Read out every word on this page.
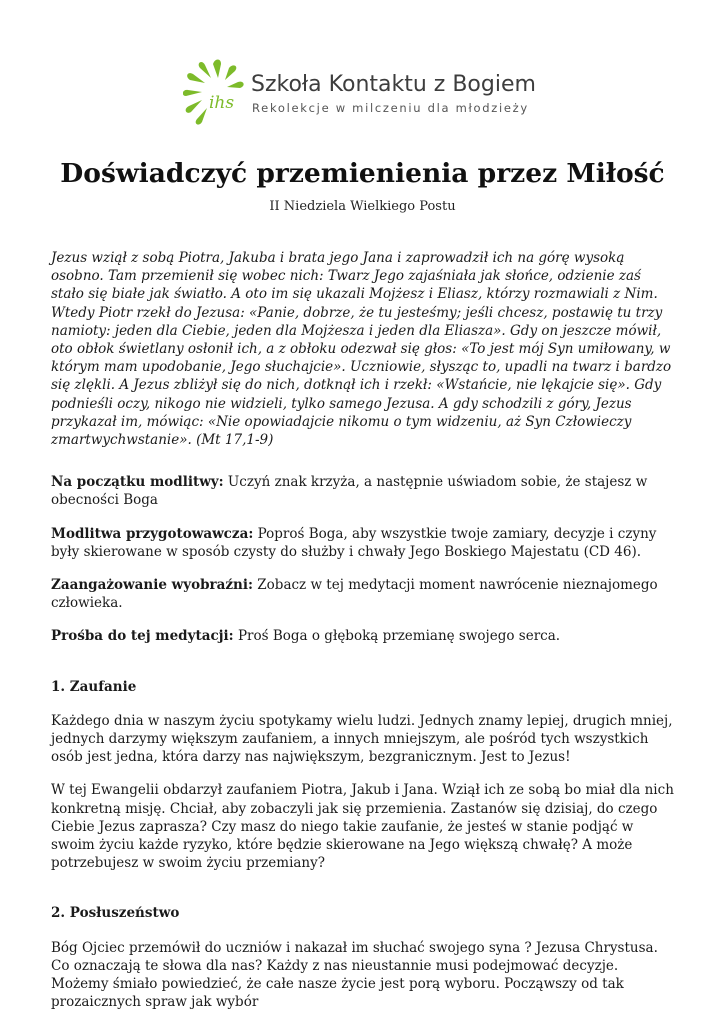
ihs
Szkoła Kontaktu z Bogiem
Rekolekcje w milczeniu dla młodzieży
Doświadczyć przemienienia przez Miłość
II Niedziela Wielkiego Postu

Jezus wziął z sobą Piotra, Jakuba i brata jego Jana i zaprowadził ich na górę wysoką osobno. Tam przemienił się wobec nich: Twarz Jego zajaśniała jak słońce, odzienie zaś stało się białe jak światło. A oto im się ukazali Mojżesz i Eliasz, którzy rozmawiali z Nim. Wtedy Piotr rzekł do Jezusa: «Panie, dobrze, że tu jesteśmy; jeśli chcesz, postawię tu trzy namioty: jeden dla Ciebie, jeden dla Mojżesza i jeden dla Eliasza». Gdy on jeszcze mówił, oto obłok świetlany osłonił ich, a z obłoku odezwał się głos: «To jest mój Syn umiłowany, w którym mam upodobanie, Jego słuchajcie». Uczniowie, słysząc to, upadli na twarz i bardzo się zlękli. A Jezus zbliżył się do nich, dotknął ich i rzekł: «Wstańcie, nie lękajcie się». Gdy podnieśli oczy, nikogo nie widzieli, tylko samego Jezusa. A gdy schodzili z góry, Jezus przykazał im, mówiąc: «Nie opowiadajcie nikomu o tym widzeniu, aż Syn Człowieczy zmartwychwstanie». (Mt 17,1-9)

Na początku modlitwy: Uczyń znak krzyża, a następnie uświadom sobie, że stajesz w obecności Boga

Modlitwa przygotowawcza: Poproś Boga, aby wszystkie twoje zamiary, decyzje i czyny były skierowane w sposób czysty do służby i chwały Jego Boskiego Majestatu (CD 46).

Zaangażowanie wyobraźni: Zobacz w tej medytacji moment nawrócenie nieznajomego człowieka.

Prośba do tej medytacji: Proś Boga o głęboką przemianę swojego serca.

1. Zaufanie

Każdego dnia w naszym życiu spotykamy wielu ludzi. Jednych znamy lepiej, drugich mniej, jednych darzymy większym zaufaniem, a innych mniejszym, ale pośród tych wszystkich osób jest jedna, która darzy nas największym, bezgranicznym. Jest to Jezus!

W tej Ewangelii obdarzył zaufaniem Piotra, Jakub i Jana. Wziął ich ze sobą bo miał dla nich konkretną misję. Chciał, aby zobaczyli jak się przemienia. Zastanów się dzisiaj, do czego Ciebie Jezus zaprasza? Czy masz do niego takie zaufanie, że jesteś w stanie podjąć w swoim życiu każde ryzyko, które będzie skierowane na Jego większą chwałę? A może potrzebujesz w swoim życiu przemiany?

2. Posłuszeństwo

Bóg Ojciec przemówił do uczniów i nakazał im słuchać swojego syna ? Jezusa Chrystusa. Co oznaczają te słowa dla nas? Każdy z nas nieustannie musi podejmować decyzje. Możemy śmiało powiedzieć, że całe nasze życie jest porą wyboru. Począwszy od tak prozaicznych spraw jak wybór
